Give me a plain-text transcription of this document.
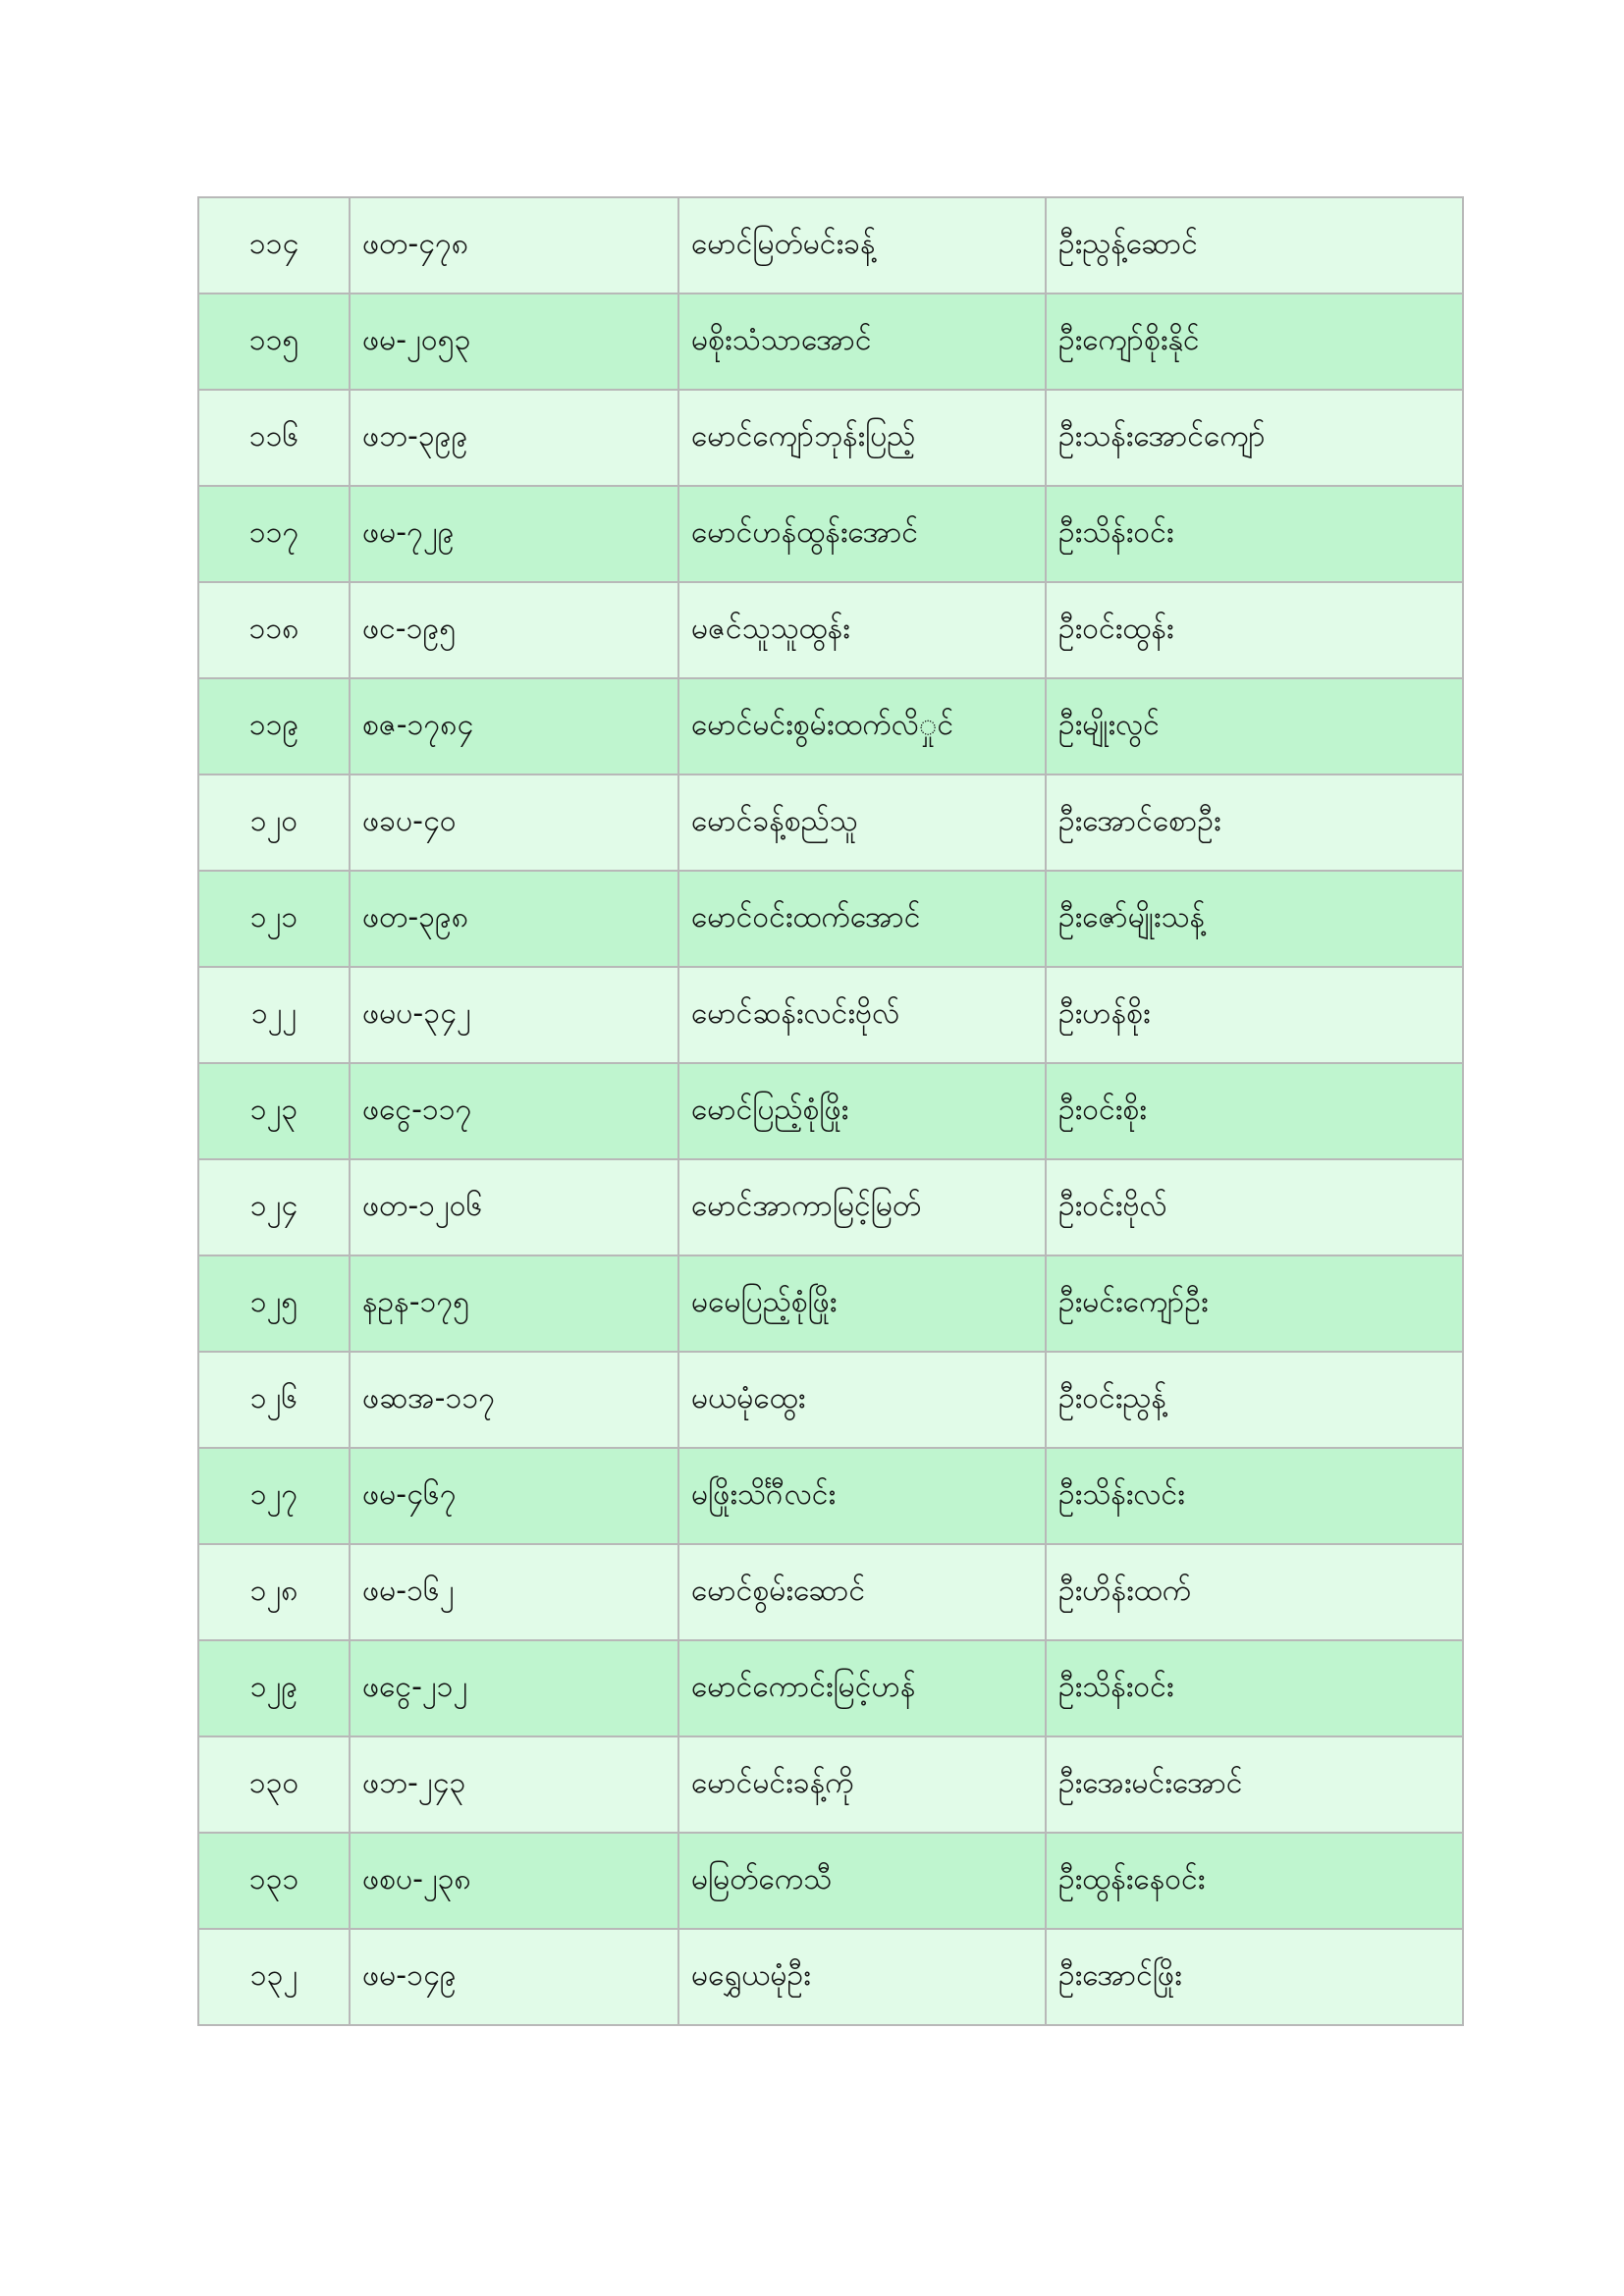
၁၁၄	ဖတ-၄၇၈	မောင်မြတ်မင်းခန့်	ဦးညွန့်ဆောင်
၁၁၅	ဖမ-၂၀၅၃	မစိုးသံသာအောင်	ဦးကျော်စိုးနိုင်
၁၁၆	ဖဘ-၃၉၉	မောင်ကျော်ဘုန်းပြည့်	ဦးသန်းအောင်ကျော်
၁၁၇	ဖမ-၇၂၉	မောင်ဟန်ထွန်းအောင်	ဦးသိန်းဝင်း
၁၁၈	ဖင-၁၉၅	မဇင်သူသူထွန်း	ဦးဝင်းထွန်း
၁၁၉	စဇ-၁၇၈၄	မောင်မင်းစွမ်းထက်လိှုင်	ဦးမျိုးလွင်
၁၂၀	ဖခပ-၄၀	မောင်ခန့်စည်သူ	ဦးအောင်စောဦး
၁၂၁	ဖတ-၃၉၈	မောင်ဝင်းထက်အောင်	ဦးဇော်မျိုးသန့်
၁၂၂	ဖမပ-၃၄၂	မောင်ဆန်းလင်းဗိုလ်	ဦးဟန်စိုး
၁၂၃	ဖငွေ-၁၁၇	မောင်ပြည့်စုံဖြိုး	ဦးဝင်းစိုး
၁၂၄	ဖတ-၁၂၀၆	မောင်အာကာမြင့်မြတ်	ဦးဝင်းဗိုလ်
၁၂၅	နဥန-၁၇၅	မမေပြည့်စုံဖြိုး	ဦးမင်းကျော်ဦး
၁၂၆	ဖဆအ-၁၁၇	မယမုံထွေး	ဦးဝင်းညွန့်
၁၂၇	ဖမ-၄၆၇	မဖြိုးသိင်္ဂီလင်း	ဦးသိန်းလင်း
၁၂၈	ဖမ-၁၆၂	မောင်စွမ်းဆောင်	ဦးဟိန်းထက်
၁၂၉	ဖငွေ-၂၁၂	မောင်ကောင်းမြင့်ဟန်	ဦးသိန်းဝင်း
၁၃၀	ဖဘ-၂၄၃	မောင်မင်းခန့်ကို	ဦးအေးမင်းအောင်
၁၃၁	ဖစပ-၂၃၈	မမြတ်ကေသီ	ဦးထွန်းနေဝင်း
၁၃၂	ဖမ-၁၄၉	မရွှေယမုံဦး	ဦးအောင်ဖြိုး
